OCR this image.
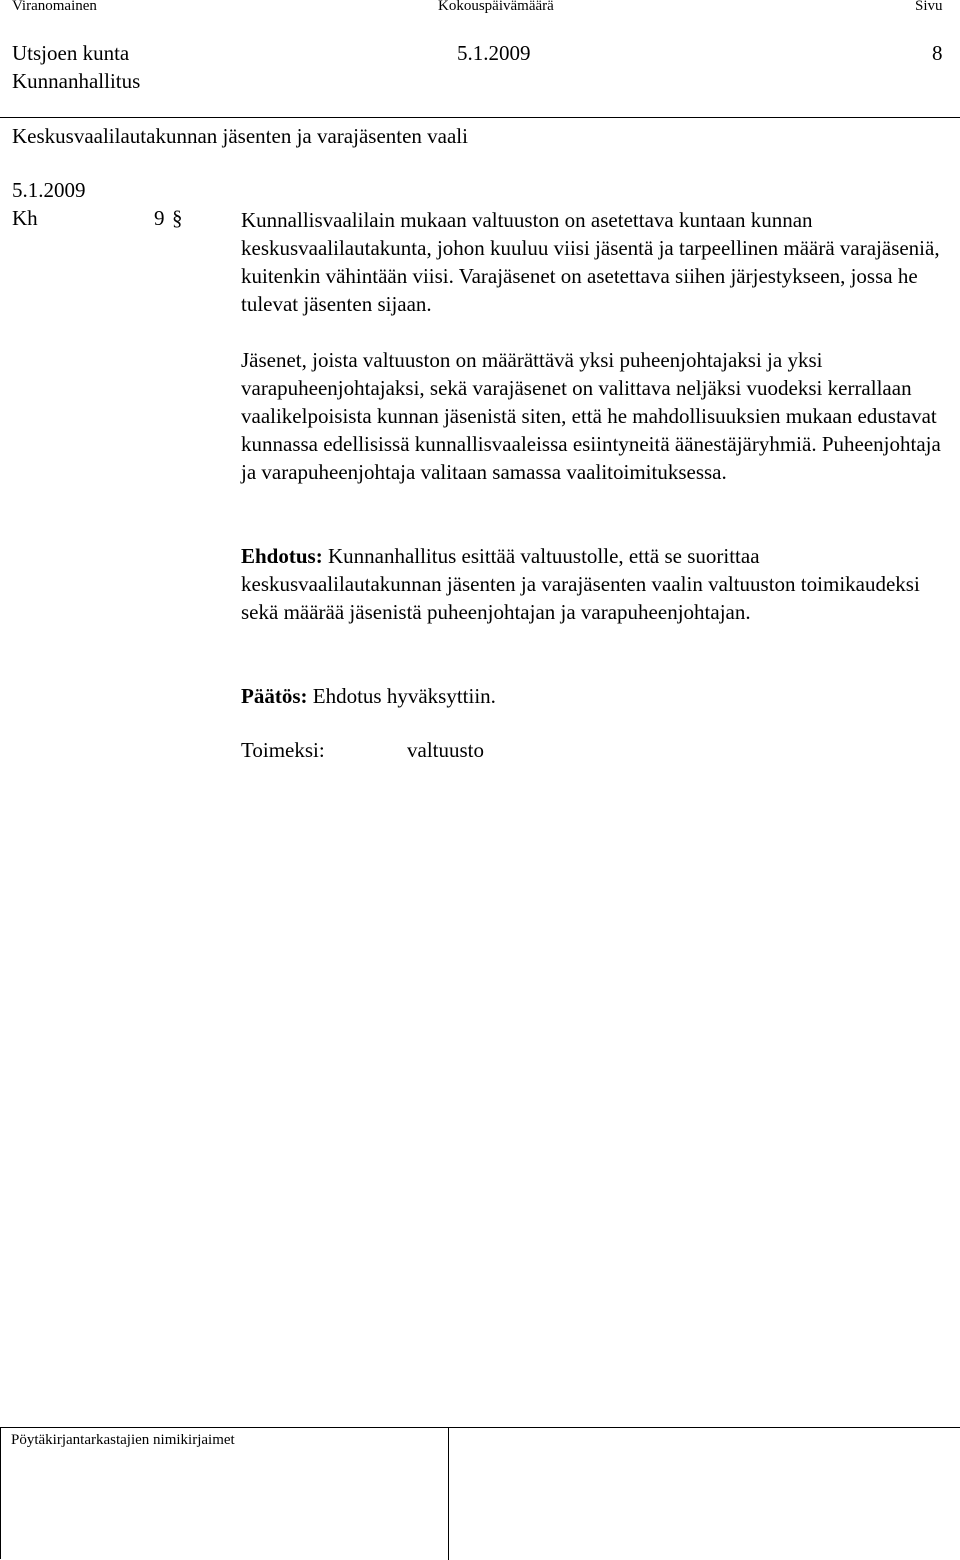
Viranomainen	Kokouspäivämäärä	Sivu
Utsjoen kunta	5.1.2009	8
Kunnanhallitus
Keskusvaalilautakunnan jäsenten ja varajäsenten vaali
5.1.2009
Kh	9 §	Kunnallisvaalilain mukaan valtuuston on asetettava kuntaan kunnan keskusvaalilautakunta, johon kuuluu viisi jäsentä ja tarpeellinen määrä varajäseniä, kuitenkin vähintään viisi. Varajäsenet on asetettava siihen järjestykseen, jossa he tulevat jäsenten sijaan.

Jäsenet, joista valtuuston on määrättävä yksi puheenjohtajaksi ja yksi varapuheenjohtajaksi, sekä varajäsenet on valittava neljäksi vuodeksi kerrallaan vaalikelpoisista kunnan jäsenistä siten, että he mahdollisuuksien mukaan edustavat kunnassa edellisissä kunnallisvaaleissa esiintyneitä äänestäjäryhmiä. Puheenjohtaja ja varapuheenjohtaja valitaan samassa vaalitoimituksessa.

Ehdotus: Kunnanhallitus esittää valtuustolle, että se suorittaa keskusvaalilautakunnan jäsenten ja varajäsenten vaalin valtuuston toimikaudeksi sekä määrää jäsenistä puheenjohtajan ja varapuheenjohtajan.

Päätös: Ehdotus hyväksyttiin.

Toimeksi:	valtuusto
Pöytäkirjantarkastajien nimikirjaimet
